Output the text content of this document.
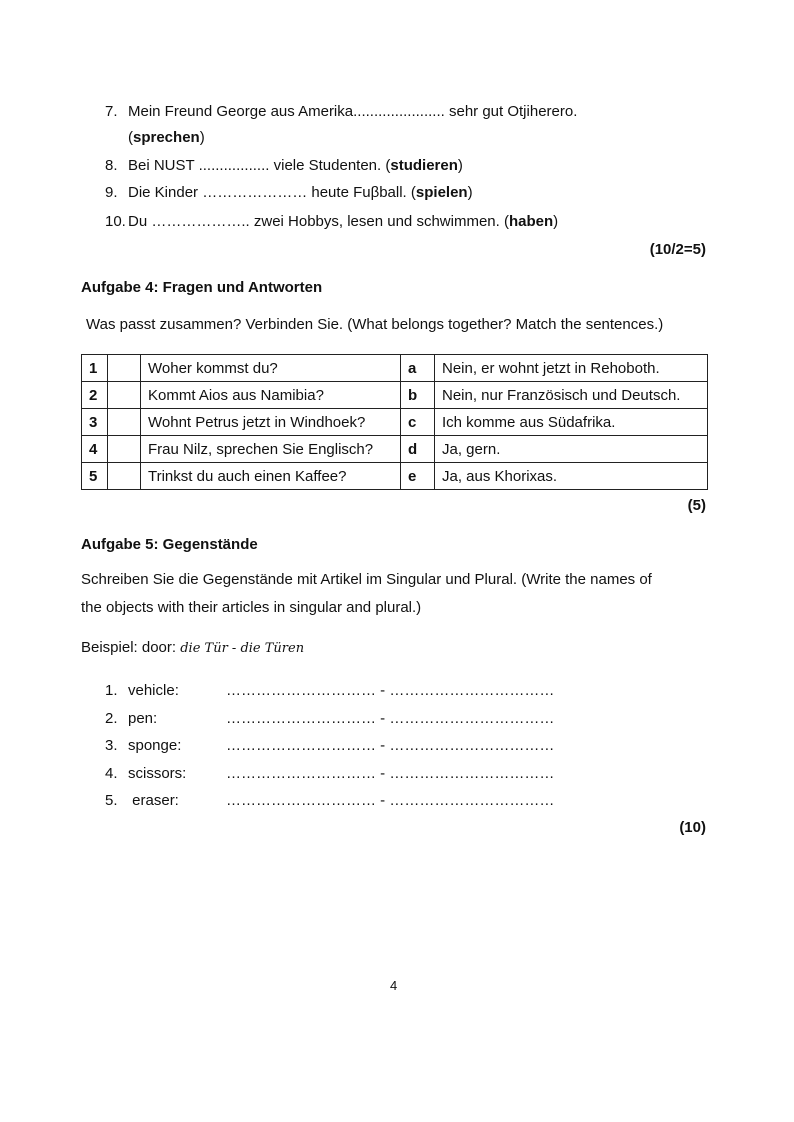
7. Mein Freund George aus Amerika...................... sehr gut Otjiherero.
(sprechen)
8. Bei NUST ................. viele Studenten. (studieren)
9. Die Kinder ………………… heute Fuβball. (spielen)
10. Du ……………….. zwei Hobbys, lesen und schwimmen. (haben)
(10/2=5)
Aufgabe 4: Fragen und Antworten
Was passt zusammen? Verbinden Sie. (What belongs together? Match the sentences.)
1		Woher kommst du?	a	Nein, er wohnt jetzt in Rehoboth.
2		Kommt Aios aus Namibia?	b	Nein, nur Französisch und Deutsch.
3		Wohnt Petrus jetzt in Windhoek?	c	Ich komme aus Südafrika.
4		Frau Nilz, sprechen Sie Englisch?	d	Ja, gern.
5		Trinkst du auch einen Kaffee?	e	Ja, aus Khorixas.
(5)
Aufgabe 5: Gegenstände
Schreiben Sie die Gegenstände mit Artikel im Singular und Plural. (Write the names of
the objects with their articles in singular and plural.)
Beispiel: door: die Tür - die Türen
1. vehicle:	………………………… - ……………………………
2. pen:	………………………… - ……………………………
3. sponge:	………………………… - ……………………………
4. scissors:	………………………… - ……………………………
5. eraser:	………………………… - ……………………………
(10)
4
